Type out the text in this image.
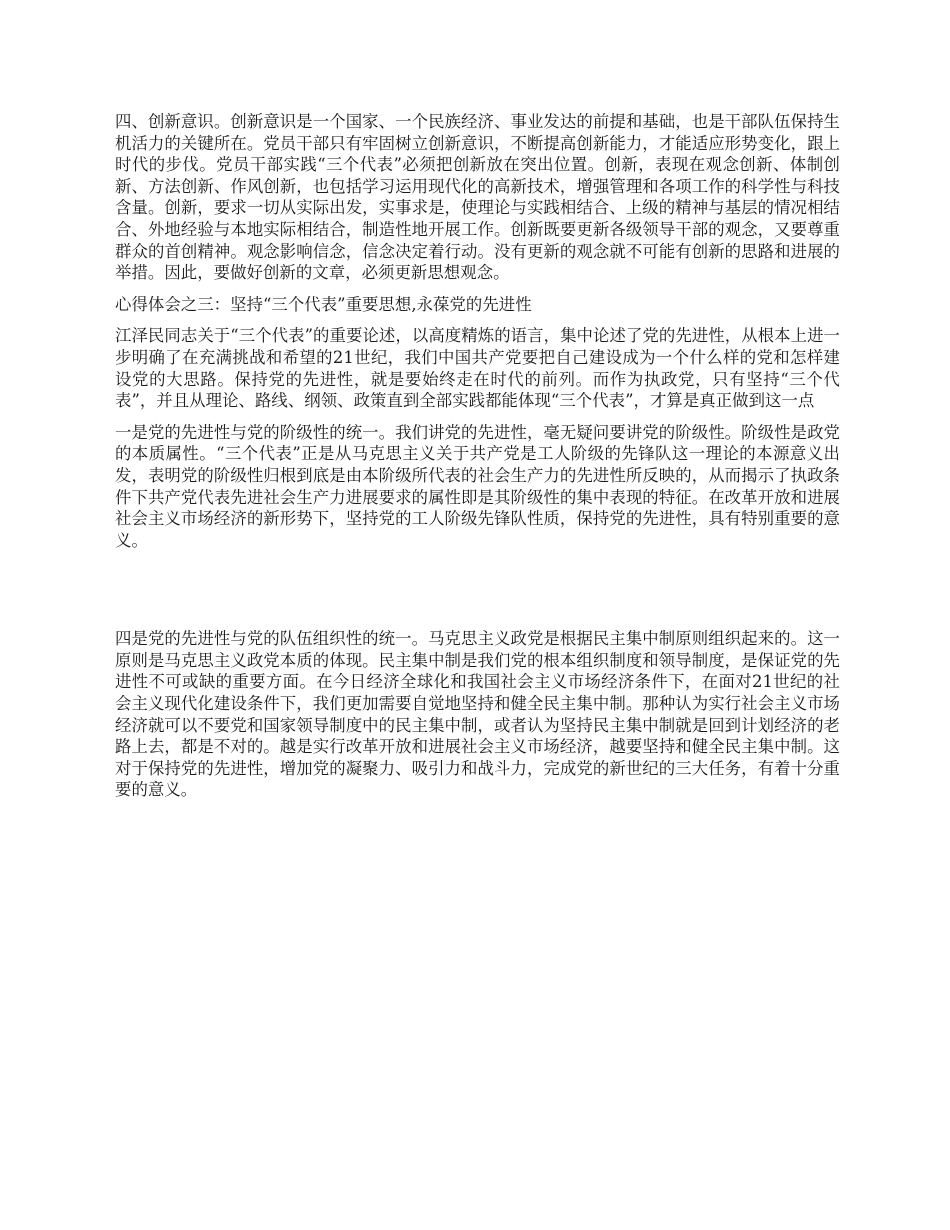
四、创新意识。创新意识是一个国家、一个民族经济、事业发达的前提和基础，也是干部队伍保持生机活力的关键所在。党员干部只有牢固树立创新意识，不断提高创新能力，才能适应形势变化，跟上时代的步伐。党员干部实践“三个代表”必须把创新放在突出位置。创新，表现在观念创新、体制创新、方法创新、作风创新，也包括学习运用现代化的高新技术，增强管理和各项工作的科学性与科技含量。创新，要求一切从实际出发，实事求是，使理论与实践相结合、上级的精神与基层的情况相结合、外地经验与本地实际相结合，制造性地开展工作。创新既要更新各级领导干部的观念，又要尊重群众的首创精神。观念影响信念，信念决定着行动。没有更新的观念就不可能有创新的思路和进展的举措。因此，要做好创新的文章，必须更新思想观念。

心得体会之三：坚持“三个代表”重要思想,永葆党的先进性

江泽民同志关于“三个代表”的重要论述，以高度精炼的语言，集中论述了党的先进性，从根本上进一步明确了在充满挑战和希望的21世纪，我们中国共产党要把自己建设成为一个什么样的党和怎样建设党的大思路。保持党的先进性，就是要始终走在时代的前列。而作为执政党，只有坚持“三个代表”，并且从理论、路线、纲领、政策直到全部实践都能体现“三个代表”，才算是真正做到这一点

一是党的先进性与党的阶级性的统一。我们讲党的先进性，毫无疑问要讲党的阶级性。阶级性是政党的本质属性。“三个代表”正是从马克思主义关于共产党是工人阶级的先锋队这一理论的本源意义出发，表明党的阶级性归根到底是由本阶级所代表的社会生产力的先进性所反映的，从而揭示了执政条件下共产党代表先进社会生产力进展要求的属性即是其阶级性的集中表现的特征。在改革开放和进展社会主义市场经济的新形势下，坚持党的工人阶级先锋队性质，保持党的先进性，具有特别重要的意义。

四是党的先进性与党的队伍组织性的统一。马克思主义政党是根据民主集中制原则组织起来的。这一原则是马克思主义政党本质的体现。民主集中制是我们党的根本组织制度和领导制度，是保证党的先进性不可或缺的重要方面。在今日经济全球化和我国社会主义市场经济条件下，在面对21世纪的社会主义现代化建设条件下，我们更加需要自觉地坚持和健全民主集中制。那种认为实行社会主义市场经济就可以不要党和国家领导制度中的民主集中制，或者认为坚持民主集中制就是回到计划经济的老路上去，都是不对的。越是实行改革开放和进展社会主义市场经济，越要坚持和健全民主集中制。这对于保持党的先进性，增加党的凝聚力、吸引力和战斗力，完成党的新世纪的三大任务，有着十分重要的意义。
